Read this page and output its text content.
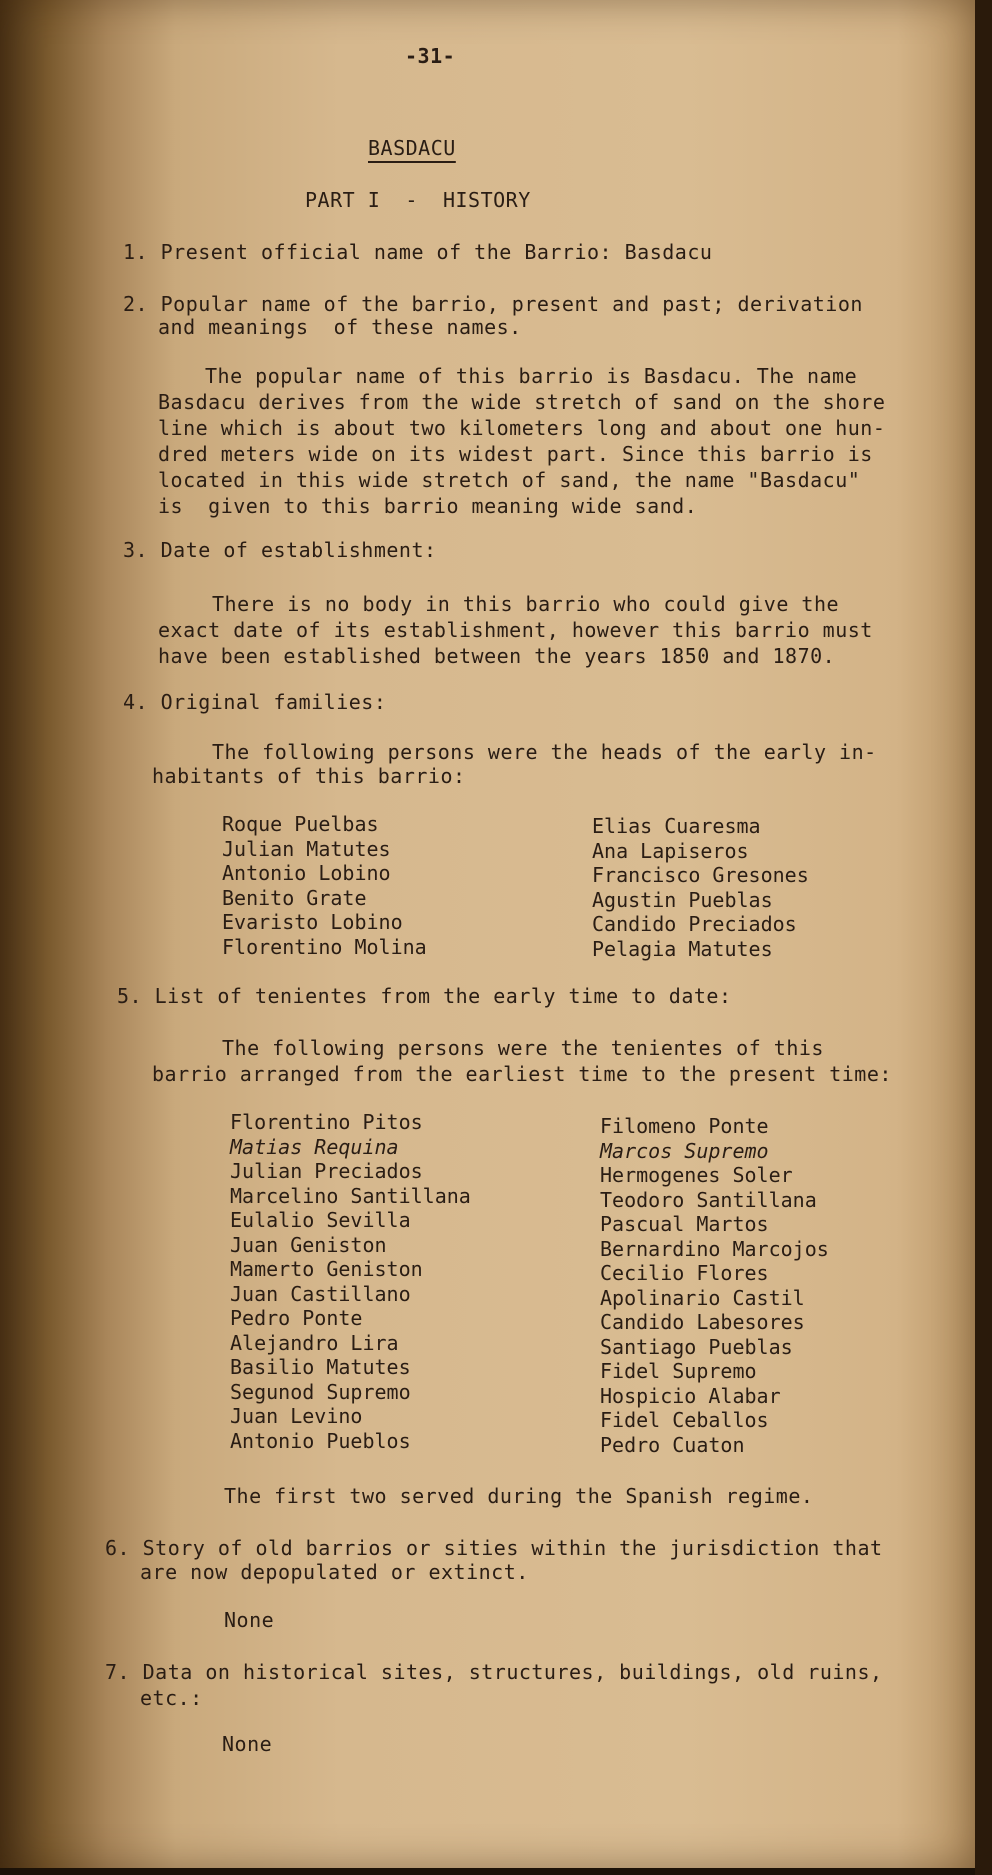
-31-
BASDACU
PART I  -  HISTORY
1. Present official name of the Barrio: Basdacu
2. Popular name of the barrio, present and past; derivation
and meanings  of these names.
The popular name of this barrio is Basdacu. The name
Basdacu derives from the wide stretch of sand on the shore
line which is about two kilometers long and about one hun-
dred meters wide on its widest part. Since this barrio is
located in this wide stretch of sand, the name "Basdacu"
is  given to this barrio meaning wide sand.
3. Date of establishment:
There is no body in this barrio who could give the
exact date of its establishment, however this barrio must
have been established between the years 1850 and 1870.
4. Original families:
The following persons were the heads of the early in-
habitants of this barrio:
Roque Puelbas
Julian Matutes
Antonio Lobino
Benito Grate
Evaristo Lobino
Florentino Molina
Elias Cuaresma
Ana Lapiseros
Francisco Gresones
Agustin Pueblas
Candido Preciados
Pelagia Matutes
5. List of tenientes from the early time to date:
The following persons were the tenientes of this
barrio arranged from the earliest time to the present time:
Florentino Pitos
Matias Requina
Julian Preciados
Marcelino Santillana
Eulalio Sevilla
Juan Geniston
Mamerto Geniston
Juan Castillano
Pedro Ponte
Alejandro Lira
Basilio Matutes
Segunod Supremo
Juan Levino
Antonio Pueblos
Filomeno Ponte
Marcos Supremo
Hermogenes Soler
Teodoro Santillana
Pascual Martos
Bernardino Marcojos
Cecilio Flores
Apolinario Castil
Candido Labesores
Santiago Pueblas
Fidel Supremo
Hospicio Alabar
Fidel Ceballos
Pedro Cuaton
The first two served during the Spanish regime.
6. Story of old barrios or sities within the jurisdiction that
are now depopulated or extinct.
None
7. Data on historical sites, structures, buildings, old ruins,
etc.:
None
